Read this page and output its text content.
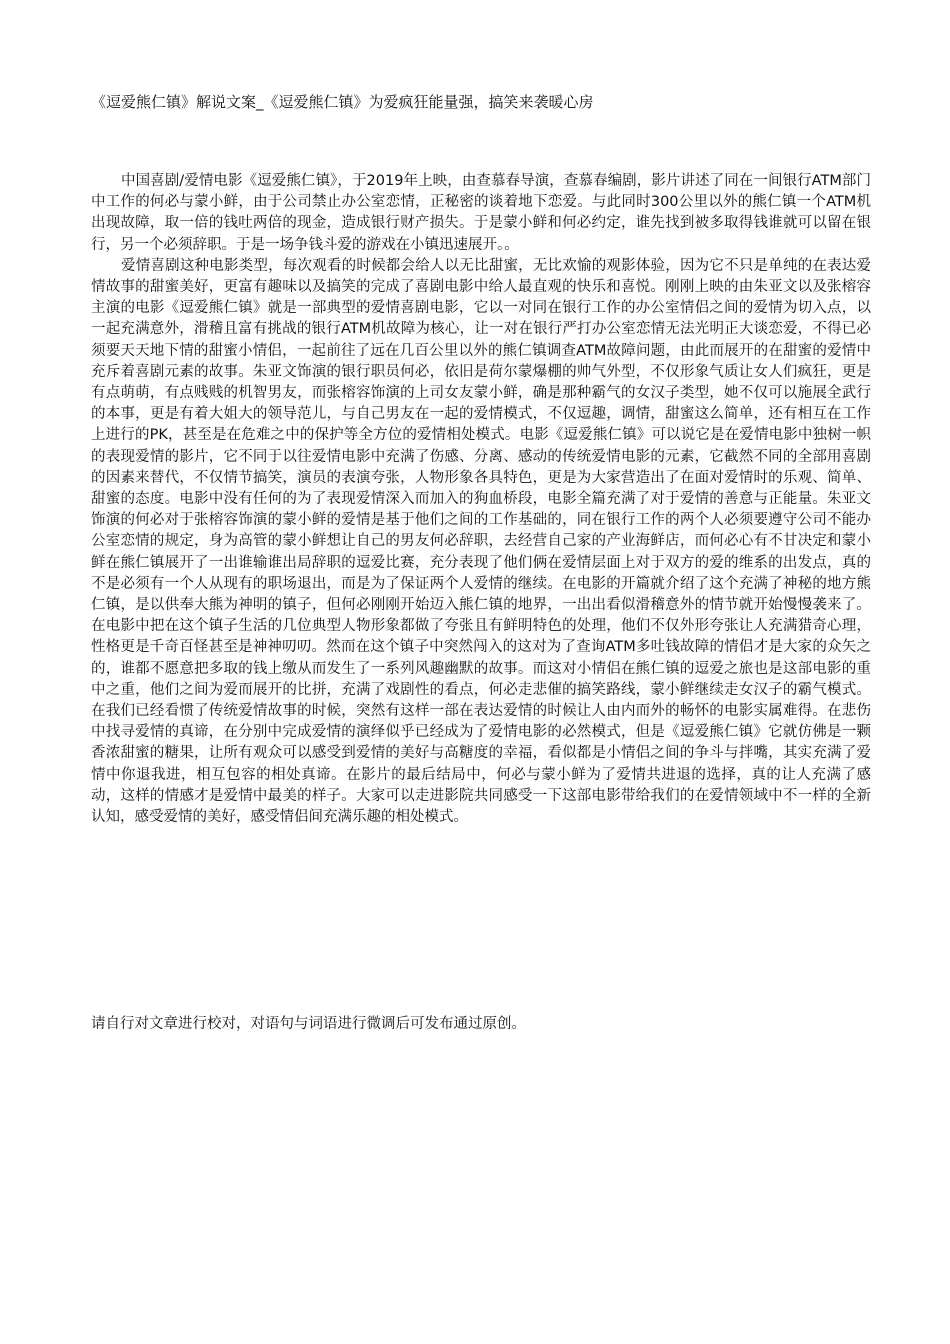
《逗爱熊仁镇》解说文案_《逗爱熊仁镇》为爱疯狂能量强，搞笑来袭暖心房

中国喜剧/爱情电影《逗爱熊仁镇》，于2019年上映，由查慕春导演，查慕春编剧，影片讲述了同在一间银行ATM部门中工作的何必与蒙小鲜，由于公司禁止办公室恋情，正秘密的谈着地下恋爱。与此同时300公里以外的熊仁镇一个ATM机出现故障，取一倍的钱吐两倍的现金，造成银行财产损失。于是蒙小鲜和何必约定，谁先找到被多取得钱谁就可以留在银行，另一个必须辞职。于是一场争钱斗爱的游戏在小镇迅速展开。。

爱情喜剧这种电影类型，每次观看的时候都会给人以无比甜蜜，无比欢愉的观影体验，因为它不只是单纯的在表达爱情故事的甜蜜美好，更富有趣味以及搞笑的完成了喜剧电影中给人最直观的快乐和喜悦。刚刚上映的由朱亚文以及张榕容主演的电影《逗爱熊仁镇》就是一部典型的爱情喜剧电影，它以一对同在银行工作的办公室情侣之间的爱情为切入点，以一起充满意外，滑稽且富有挑战的银行ATM机故障为核心，让一对在银行严打办公室恋情无法光明正大谈恋爱，不得已必须要天天地下情的甜蜜小情侣，一起前往了远在几百公里以外的熊仁镇调查ATM故障问题，由此而展开的在甜蜜的爱情中充斥着喜剧元素的故事。朱亚文饰演的银行职员何必，依旧是荷尔蒙爆棚的帅气外型，不仅形象气质让女人们疯狂，更是有点萌萌，有点贱贱的机智男友，而张榕容饰演的上司女友蒙小鲜，确是那种霸气的女汉子类型，她不仅可以施展全武行的本事，更是有着大姐大的领导范儿，与自己男友在一起的爱情模式，不仅逗趣，调情，甜蜜这么简单，还有相互在工作上进行的PK，甚至是在危难之中的保护等全方位的爱情相处模式。电影《逗爱熊仁镇》可以说它是在爱情电影中独树一帜的表现爱情的影片，它不同于以往爱情电影中充满了伤感、分离、感动的传统爱情电影的元素，它截然不同的全部用喜剧的因素来替代，不仅情节搞笑，演员的表演夸张，人物形象各具特色，更是为大家营造出了在面对爱情时的乐观、简单、甜蜜的态度。电影中没有任何的为了表现爱情深入而加入的狗血桥段，电影全篇充满了对于爱情的善意与正能量。朱亚文饰演的何必对于张榕容饰演的蒙小鲜的爱情是基于他们之间的工作基础的，同在银行工作的两个人必须要遵守公司不能办公室恋情的规定，身为高管的蒙小鲜想让自己的男友何必辞职，去经营自己家的产业海鲜店，而何必心有不甘决定和蒙小鲜在熊仁镇展开了一出谁输谁出局辞职的逗爱比赛，充分表现了他们俩在爱情层面上对于双方的爱的维系的出发点，真的不是必须有一个人从现有的职场退出，而是为了保证两个人爱情的继续。在电影的开篇就介绍了这个充满了神秘的地方熊仁镇，是以供奉大熊为神明的镇子，但何必刚刚开始迈入熊仁镇的地界，一出出看似滑稽意外的情节就开始慢慢袭来了。在电影中把在这个镇子生活的几位典型人物形象都做了夸张且有鲜明特色的处理，他们不仅外形夸张让人充满猎奇心理，性格更是千奇百怪甚至是神神叨叨。然而在这个镇子中突然闯入的这对为了查询ATM多吐钱故障的情侣才是大家的众矢之的，谁都不愿意把多取的钱上缴从而发生了一系列风趣幽默的故事。而这对小情侣在熊仁镇的逗爱之旅也是这部电影的重中之重，他们之间为爱而展开的比拼，充满了戏剧性的看点，何必走悲催的搞笑路线，蒙小鲜继续走女汉子的霸气模式。在我们已经看惯了传统爱情故事的时候，突然有这样一部在表达爱情的时候让人由内而外的畅怀的电影实属难得。在悲伤中找寻爱情的真谛，在分别中完成爱情的演绎似乎已经成为了爱情电影的必然模式，但是《逗爱熊仁镇》它就仿佛是一颗香浓甜蜜的糖果，让所有观众可以感受到爱情的美好与高糖度的幸福，看似都是小情侣之间的争斗与拌嘴，其实充满了爱情中你退我进，相互包容的相处真谛。在影片的最后结局中，何必与蒙小鲜为了爱情共进退的选择，真的让人充满了感动，这样的情感才是爱情中最美的样子。大家可以走进影院共同感受一下这部电影带给我们的在爱情领域中不一样的全新认知，感受爱情的美好，感受情侣间充满乐趣的相处模式。

请自行对文章进行校对，对语句与词语进行微调后可发布通过原创。
